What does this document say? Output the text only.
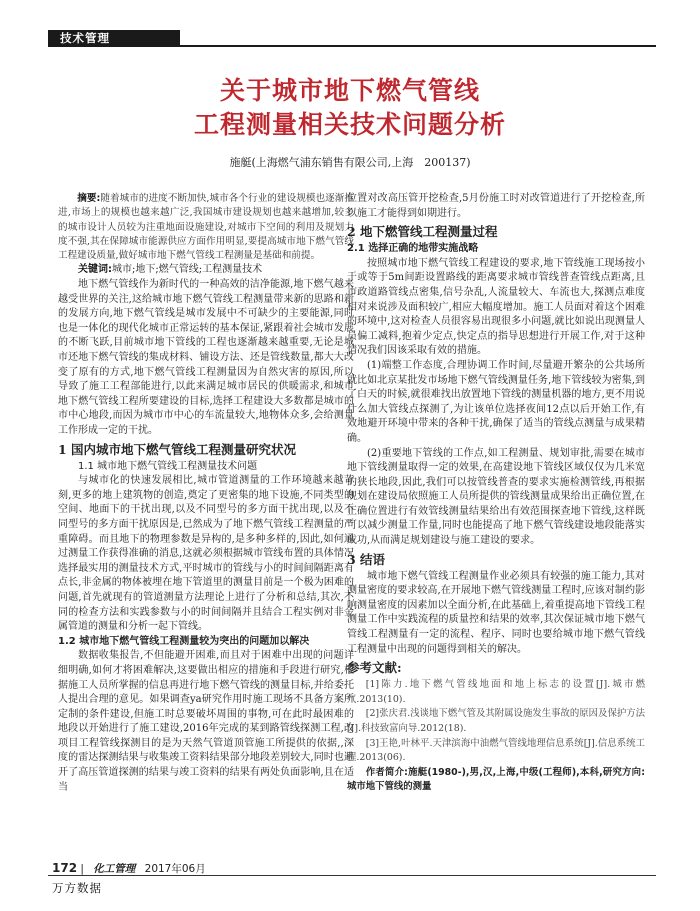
技术管理
关于城市地下燃气管线
工程测量相关技术问题分析
施艇(上海燃气浦东销售有限公司,上海　200137)

摘要:随着城市的进度不断加快,城市各个行业的建设规模也逐渐推进,市场上的规模也越来越广泛,我国城市建设规划也越来越增加,较多的城市设计人员较为注重地面设施建设,对城市下空间的利用及规划力度不强,其在保障城市能源供应方面作用明显,要提高城市地下燃气管线工程建设质量,做好城市地下燃气管线工程测量是基础和前提。

关键词:城市;地下;燃气管线;工程测量技术

地下燃气管线作为新时代的一种高效的洁净能源,地下燃气越来越受世界的关注,这给城市地下燃气管线工程测量带来新的思路和新的发展方向,地下燃气管线是城市发展中不可缺少的主要能源,同时也是一体化的现代化城市正常运转的基本保证,紧跟着社会城市发展的不断飞跃,目前城市地下管线的工程也逐渐越来越重要,无论是城市还地下燃气管线的集成材料、铺设方法、还是管线数量,都大大改变了原有的方式,地下燃气管线工程测量因为自然灾害的原因,所以导致了施工工程部能进行,以此来满足城市居民的供暖需求,和城市地下燃气管线工程所要建设的目标,选择工程建设大多数都是城市的市中心地段,而因为城市市中心的车流量较大,地物体众多,会给测量工作形成一定的干扰。

1 国内城市地下燃气管线工程测量研究状况

1.1 城市地下燃气管线工程测量技术问题

与城市化的快速发展相比,城市管道测量的工作环境越来越苛刻,更多的地上建筑物的创造,奠定了更密集的地下设施,不同类型的空间、地面下的干扰出现,以及不同型号的多方面干扰出现,以及不同型号的多方面干扰原因是,已然成为了地下燃气管线工程测量的严重障碍。而且地下的物理参数是异构的,是多种多样的,因此,如何通过测量工作获得准确的消息,这就必须根据城市管线布置的具体情况选择最实用的测量技术方式,平时城市的管线与小的时间间隔距离有点长,非金属的物体被埋在地下管道里的测量目前是一个极为困难的问题,首先就现有的管道测量方法理论上进行了分析和总结,其次,不同的检查方法和实践参数与小的时间间隔并且结合工程实例对非金属管道的测量和分析一起下管线。

1.2 城市地下燃气管线工程测量较为突出的问题加以解决

数据收集报告,不但能避开困难,而且对于困难中出现的问题详细明确,如何才将困难解决,这要做出相应的措施和手段进行研究,根据施工人员所掌握的信息再进行地下燃气管线的测量目标,并给委托人提出合理的意见。如果调查ya研究作用时施工现场不具备方案所定制的条件建设,但施工时总要破坏周围的事物,可在此时最困难的地段以开始进行了施工建设,2016年完成的某到路管线探测工程,改项目工程管线探测目的是为天然气管道顶管施工所提供的依据,,深度的雷达探测结果与收集竣工资料结果部分地段差别较大,同时也避开了高压管道探测的结果与竣工资料的结果有两处负面影响,且在适当

位置对改高压管开挖检查,5月份施工时对改管道进行了开挖检查,所以施工才能得到如期进行。

2 地下燃管线工程测量过程

2.1 选择正确的地带实施战略

按照城市地下燃气管线工程建设的要求,地下管线施工现场按小于或等于5m间距设置路线的距离要求城市管线普查管线点距离,且市政道路管线点密集,信号杂乱,人流量较大、车流也大,探测点难度相对来说涉及面积较广,相应大幅度增加。施工人员面对着这个困难的环境中,这对检查人员很容易出现很多小问题,就比如说出现测量人员偏工减料,抱着少定点,快定点的指导思想进行开展工作,对于这种情况我们因该采取有效的措施。

(1)端整工作态度,合理协调工作时间,尽量避开繁杂的公共场所就比如北京某批发市场地下燃气管线测量任务,地下管线较为密集,到了白天的时候,就很难找出放置地下管线的测量机器的地方,更不用说什么加大管线点探测了,为让该单位选择夜间12点以后开始工作,有效地避开环境中带来的各种干扰,确保了适当的管线点测量与成果精确。

(2)重要地下管线的工作点,如工程测量、规划审批,需要在城市地下管线测量取得一定的效果,在高建设地下管线区域仅仅为几米宽的狭长地段,因此,我们可以按管线普查的要求实施检测管线,再根据规划在建设局依照施工人员所提供的管线测量成果给出正确位置,在正确位置进行有效管线测量结果给出有效范围探查地下管线,这样既可以减少测量工作量,同时也能提高了地下燃气管线建设地段能落实成功,从而满足规划建设与施工建设的要求。

3 结语

城市地下燃气管线工程测量作业必须具有较强的施工能力,其对测量密度的要求较高,在开展地下燃气管线测量工程时,应该对制约影响测量密度的因素加以全面分析,在此基础上,着重提高地下管线工程测量工作中实践流程的质量控和结果的效率,其次保证城市地下燃气管线工程测量有一定的流程、程序、同时也要给城市地下燃气管线工程测量中出现的问题得到相关的解决。

参考文献:

[1]陈力.地下燃气管线地面和地上标志的设置[J].城市燃气.2013(10).

[2]张庆君.浅谈地下燃气管及其附属设施发生事故的原因及保护方法[J].科技致富向导.2012(18).

[3]王艳,叶林平.天津滨海中油燃气管线地理信息系统[J].信息系统工程.2013(06).

作者简介:施艇(1980-),男,汉,上海,中级(工程师),本科,研究方向:城市地下管线的测量

172 | 化工管理 2017年06月
万方数据
